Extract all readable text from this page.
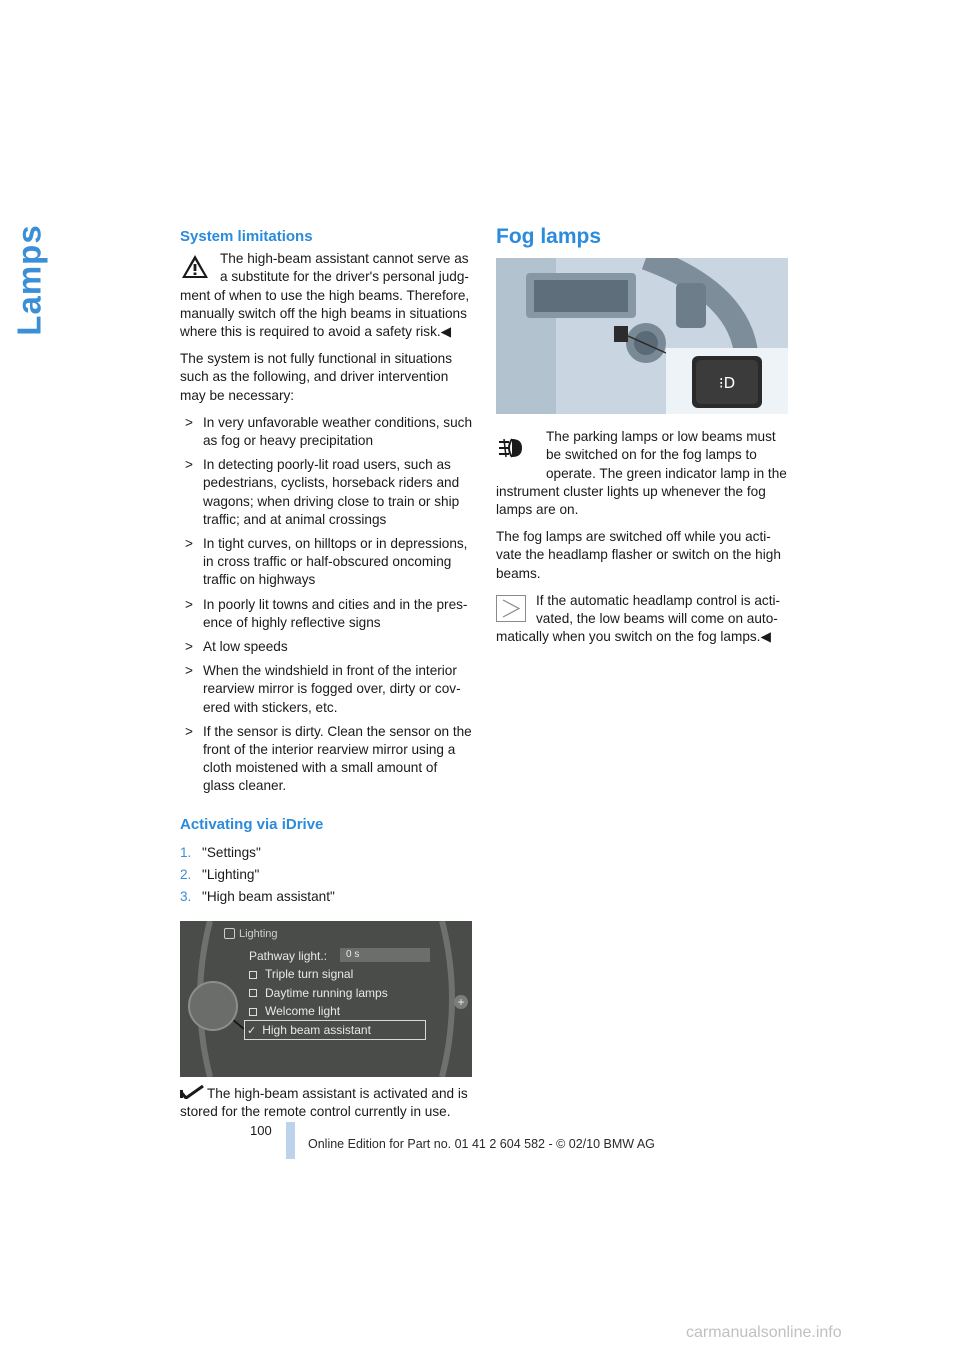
Lamps	System limitations

The high-beam assistant cannot serve as a substitute for the driver's personal judg-ment of when to use the high beams. Therefore, manually switch off the high beams in situations where this is required to avoid a safety risk.◀

The system is not fully functional in situations such as the following, and driver intervention may be necessary:

> In very unfavorable weather conditions, such as fog or heavy precipitation
> In detecting poorly-lit road users, such as pedestrians, cyclists, horseback riders and wagons; when driving close to train or ship traffic; and at animal crossings
> In tight curves, on hilltops or in depressions, in cross traffic or half-obscured oncoming traffic on highways
> In poorly lit towns and cities and in the pres-ence of highly reflective signs
> At low speeds
> When the windshield in front of the interior rearview mirror is fogged over, dirty or cov-ered with stickers, etc.
> If the sensor is dirty. Clean the sensor on the front of the interior rearview mirror using a cloth moistened with a small amount of glass cleaner.
Activating via iDrive
1. "Settings"
2. "Lighting"
3. "High beam assistant"
Lighting
+
Pathway light.:	0 s
Triple turn signal
Daytime running lamps
Welcome light
✓ High beam assistant

The high-beam assistant is activated and is stored for the remote control currently in use.

Fog lamps
⁝D

The parking lamps or low beams must be switched on for the fog lamps to operate. The green indicator lamp in the instrument cluster lights up whenever the fog lamps are on.

The fog lamps are switched off while you acti-vate the headlamp flasher or switch on the high beams.

If the automatic headlamp control is acti-vated, the low beams will come on auto-matically when you switch on the fog lamps.◀

100
Online Edition for Part no. 01 41 2 604 582 - © 02/10 BMW AG
carmanualsonline.info
